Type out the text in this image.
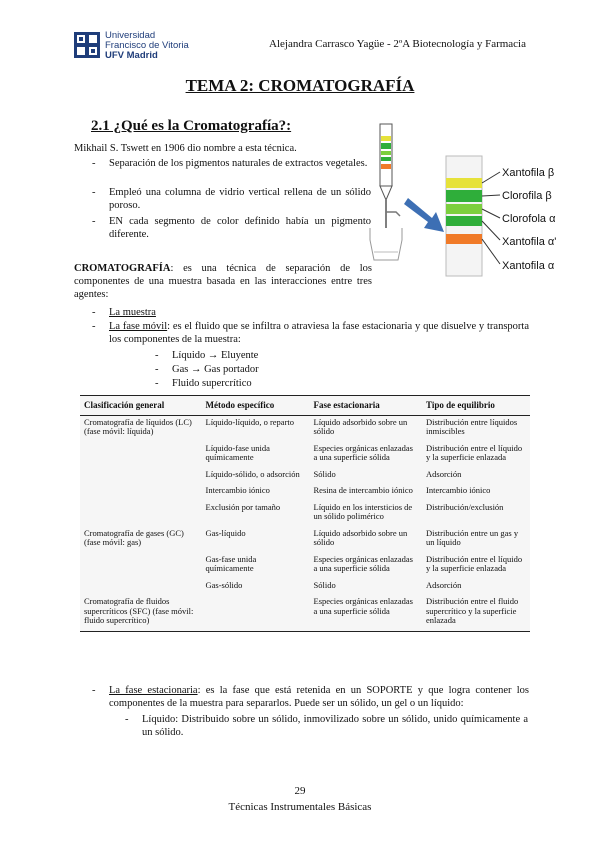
Universidad
Francisco de Vitoria
UFV Madrid
Alejandra Carrasco Yagüe - 2ºA Biotecnología y Farmacia
TEMA 2: CROMATOGRAFÍA
2.1 ¿Qué es la Cromatografía?:
Mikhail S. Tswett en 1906 dio nombre a esta técnica.
- Separación de los pigmentos naturales de extractos vegetales.
- Empleó una columna de vidrio vertical rellena de un sólido poroso.
- EN cada segmento de color definido había un pigmento diferente.
Xantofila β
Clorofila β
Clorofola α
Xantofila α'
Xantofila α
CROMATOGRAFÍA: es una técnica de separación de los componentes de una muestra basada en las interacciones entre tres agentes:
- La muestra
- La fase móvil: es el fluido que se infiltra o atraviesa la fase estacionaria y que disuelve y transporta los componentes de la muestra:
- Líquido → Eluyente
- Gas → Gas portador
- Fluido supercrítico
Clasificación general	Método específico	Fase estacionaria	Tipo de equilibrio
Cromatografía de líquidos (LC) (fase móvil: líquida)	Líquido-líquido, o reparto	Líquido adsorbido sobre un sólido	Distribución entre líquidos inmiscibles
	Líquido-fase unida químicamente	Especies orgánicas enlazadas a una superficie sólida	Distribución entre el líquido y la superficie enlazada
	Líquido-sólido, o adsorción	Sólido	Adsorción
	Intercambio iónico	Resina de intercambio iónico	Intercambio iónico
	Exclusión por tamaño	Líquido en los intersticios de un sólido polimérico	Distribución/exclusión
Cromatografía de gases (GC) (fase móvil: gas)	Gas-líquido	Líquido adsorbido sobre un sólido	Distribución entre un gas y un líquido
	Gas-fase unida químicamente	Especies orgánicas enlazadas a una superficie sólida	Distribución entre el líquido y la superficie enlazada
	Gas-sólido	Sólido	Adsorción
Cromatografía de fluidos supercríticos (SFC) (fase móvil: fluido supercrítico)		Especies orgánicas enlazadas a una superficie sólida	Distribución entre el fluido supercrítico y la superficie enlazada
- La fase estacionaria: es la fase que está retenida en un SOPORTE y que logra contener los componentes de la muestra para separarlos. Puede ser un sólido, un gel o un líquido:
- Líquido: Distribuido sobre un sólido, inmovilizado sobre un sólido, unido químicamente a un sólido.
29
Técnicas Instrumentales Básicas
